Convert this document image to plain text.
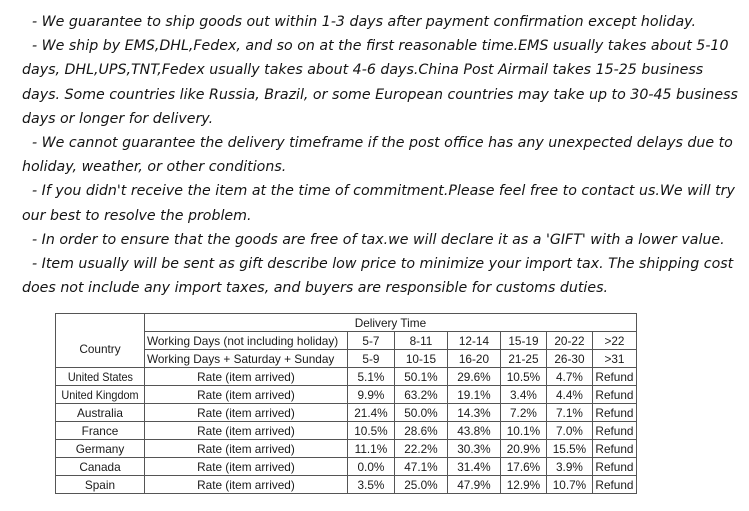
- We guarantee to ship goods out within 1-3 days after payment confirmation except holiday.

- We ship by EMS,DHL,Fedex, and so on at the first reasonable time.EMS usually takes about 5-10 days, DHL,UPS,TNT,Fedex usually takes about 4-6 days.China Post Airmail takes 15-25 business days. Some countries like Russia, Brazil, or some European countries may take up to 30-45 business days or longer for delivery.

- We cannot guarantee the delivery timeframe if the post office has any unexpected delays due to holiday, weather, or other conditions.

- If you didn't receive the item at the time of commitment.Please feel free to contact us.We will try our best to resolve the problem.

- In order to ensure that the goods are free of tax.we will declare it as a 'GIFT' with a lower value.

- Item usually will be sent as gift describe low price to minimize your import tax. The shipping cost does not include any import taxes, and buyers are responsible for customs duties.

	Delivery Time						
Country	Working Days (not including holiday)	5-7	8-11	12-14	15-19	20-22	>22
	Working Days + Saturday + Sunday	5-9	10-15	16-20	21-25	26-30	>31
United States	Rate (item arrived)	5.1%	50.1%	29.6%	10.5%	4.7%	Refund
United Kingdom	Rate (item arrived)	9.9%	63.2%	19.1%	3.4%	4.4%	Refund
Australia	Rate (item arrived)	21.4%	50.0%	14.3%	7.2%	7.1%	Refund
France	Rate (item arrived)	10.5%	28.6%	43.8%	10.1%	7.0%	Refund
Germany	Rate (item arrived)	11.1%	22.2%	30.3%	20.9%	15.5%	Refund
Canada	Rate (item arrived)	0.0%	47.1%	31.4%	17.6%	3.9%	Refund
Spain	Rate (item arrived)	3.5%	25.0%	47.9%	12.9%	10.7%	Refund
